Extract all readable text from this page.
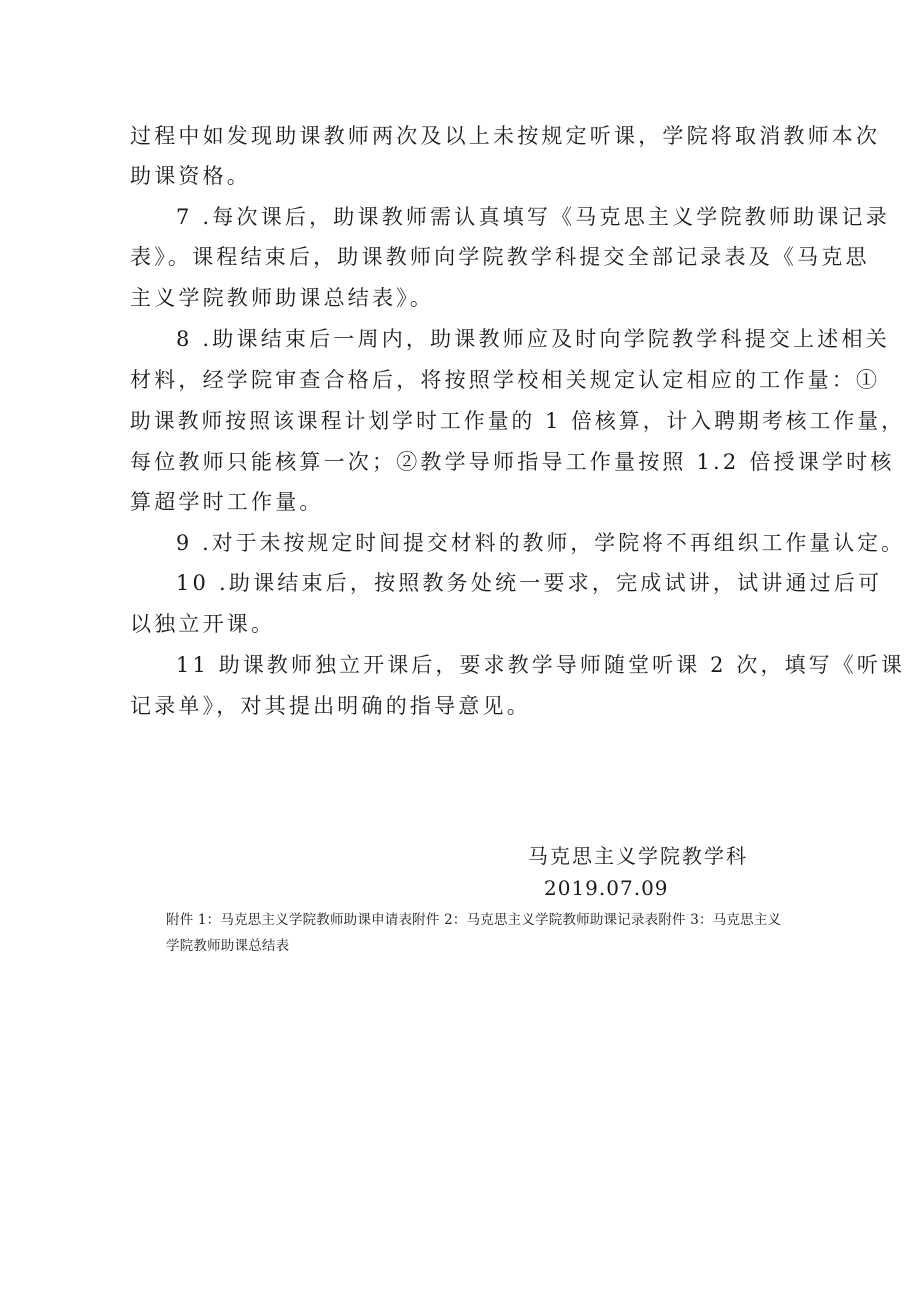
过程中如发现助课教师两次及以上未按规定听课，学院将取消教师本次
助课资格。
7 .每次课后，助课教师需认真填写《马克思主义学院教师助课记录
表》。课程结束后，助课教师向学院教学科提交全部记录表及《马克思
主义学院教师助课总结表》。
8 .助课结束后一周内，助课教师应及时向学院教学科提交上述相关
材料，经学院审查合格后，将按照学校相关规定认定相应的工作量：①
助课教师按照该课程计划学时工作量的 1 倍核算，计入聘期考核工作量，
每位教师只能核算一次；②教学导师指导工作量按照 1.2 倍授课学时核
算超学时工作量。
9 .对于未按规定时间提交材料的教师，学院将不再组织工作量认定。
10 .助课结束后，按照教务处统一要求，完成试讲，试讲通过后可
以独立开课。
11 助课教师独立开课后，要求教学导师随堂听课 2 次，填写《听课
记录单》，对其提出明确的指导意见。
马克思主义学院教学科
2019.07.09
附件 1：马克思主义学院教师助课申请表附件 2：马克思主义学院教师助课记录表附件 3：马克思主义
学院教师助课总结表
